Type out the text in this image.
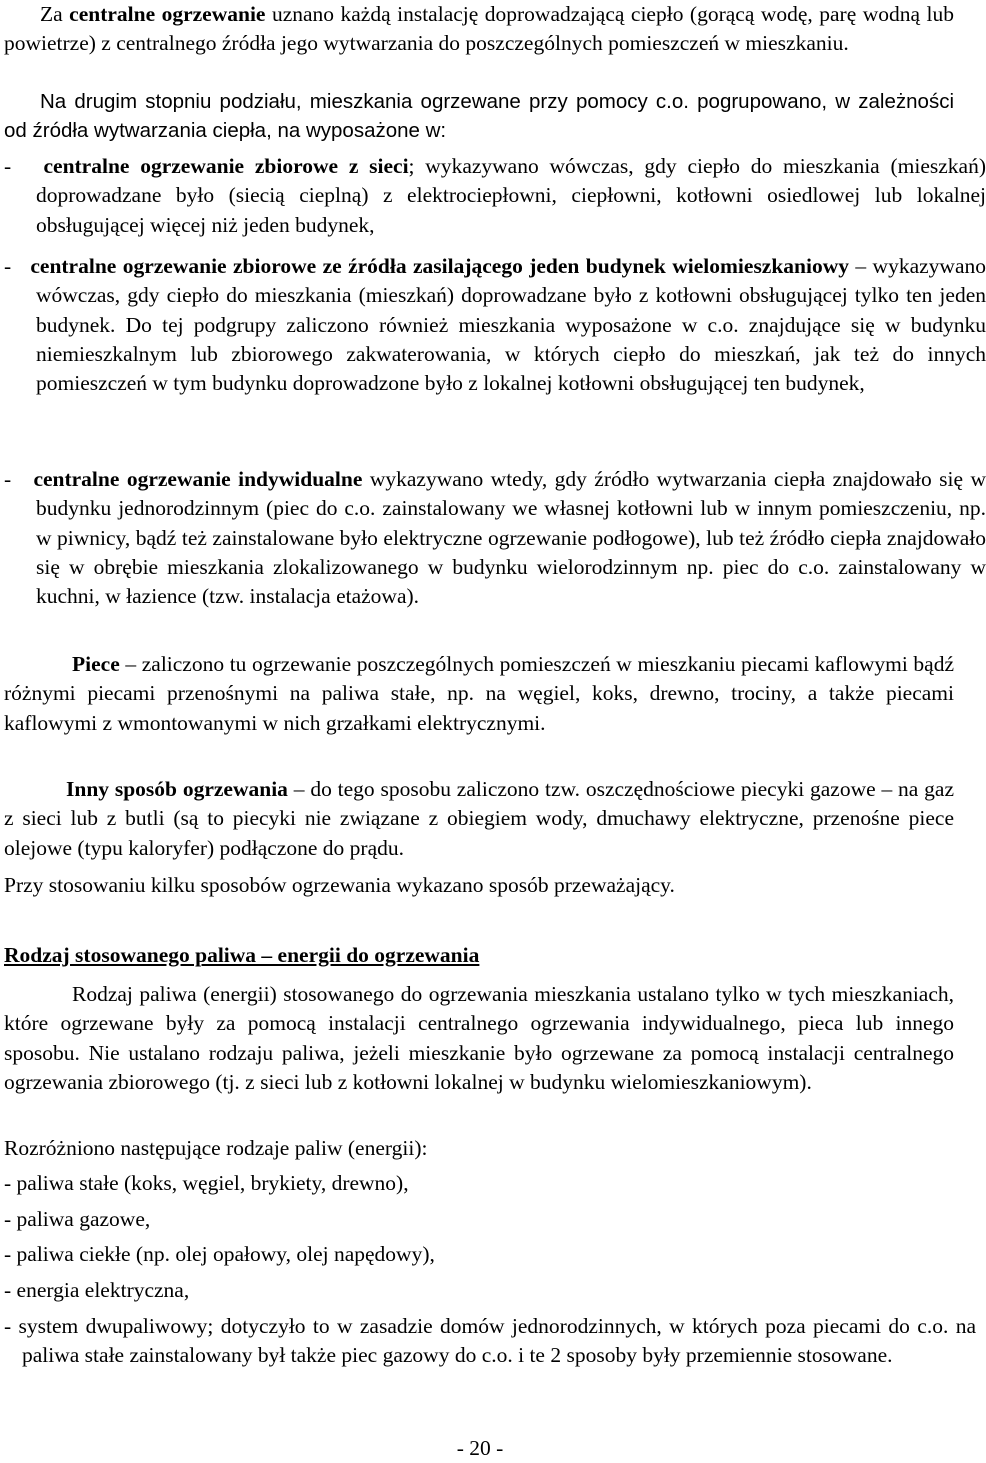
Za centralne ogrzewanie uznano każdą instalację doprowadzającą ciepło (gorącą wodę, parę wodną lub powietrze) z centralnego źródła jego wytwarzania do poszczególnych pomieszczeń w mieszkaniu.

Na drugim stopniu podziału, mieszkania ogrzewane przy pomocy c.o. pogrupowano, w zależności od źródła wytwarzania ciepła, na wyposażone w:

- centralne ogrzewanie zbiorowe z sieci; wykazywano wówczas, gdy ciepło do mieszkania (mieszkań) doprowadzane było (siecią cieplną) z elektrociepłowni, ciepłowni, kotłowni osiedlowej lub lokalnej obsługującej więcej niż jeden budynek,
- centralne ogrzewanie zbiorowe ze źródła zasilającego jeden budynek wielomieszkaniowy – wykazywano wówczas, gdy ciepło do mieszkania (mieszkań) doprowadzane było z kotłowni obsługującej tylko ten jeden budynek. Do tej podgrupy zaliczono również mieszkania wyposażone w c.o. znajdujące się w budynku niemieszkalnym lub zbiorowego zakwaterowania, w których ciepło do mieszkań, jak też do innych pomieszczeń w tym budynku doprowadzone było z lokalnej kotłowni obsługującej ten budynek,
- centralne ogrzewanie indywidualne wykazywano wtedy, gdy źródło wytwarzania ciepła znajdowało się w budynku jednorodzinnym (piec do c.o. zainstalowany we własnej kotłowni lub w innym pomieszczeniu, np. w piwnicy, bądź też zainstalowane było elektryczne ogrzewanie podłogowe), lub też źródło ciepła znajdowało się w obrębie mieszkania zlokalizowanego w budynku wielorodzinnym np. piec do c.o. zainstalowany w kuchni, w łazience (tzw. instalacja etażowa).

Piece – zaliczono tu ogrzewanie poszczególnych pomieszczeń w mieszkaniu piecami kaflowymi bądź różnymi piecami przenośnymi na paliwa stałe, np. na węgiel, koks, drewno, trociny, a także piecami kaflowymi z wmontowanymi w nich grzałkami elektrycznymi.

Inny sposób ogrzewania – do tego sposobu zaliczono tzw. oszczędnościowe piecyki gazowe – na gaz z sieci lub z butli (są to piecyki nie związane z obiegiem wody, dmuchawy elektryczne, przenośne piece olejowe (typu kaloryfer) podłączone do prądu.

Przy stosowaniu kilku sposobów ogrzewania wykazano sposób przeważający.

Rodzaj stosowanego paliwa – energii do ogrzewania

Rodzaj paliwa (energii) stosowanego do ogrzewania mieszkania ustalano tylko w tych mieszkaniach, które ogrzewane były za pomocą instalacji centralnego ogrzewania indywidualnego, pieca lub innego sposobu. Nie ustalano rodzaju paliwa, jeżeli mieszkanie było ogrzewane za pomocą instalacji centralnego ogrzewania zbiorowego (tj. z sieci lub z kotłowni lokalnej w budynku wielomieszkaniowym).

Rozróżniono następujące rodzaje paliw (energii):

- paliwa stałe (koks, węgiel, brykiety, drewno),
- paliwa gazowe,
- paliwa ciekłe (np. olej opałowy, olej napędowy),
- energia elektryczna,
- system dwupaliwowy; dotyczyło to w zasadzie domów jednorodzinnych, w których poza piecami do c.o. na paliwa stałe zainstalowany był także piec gazowy do c.o. i te 2 sposoby były przemiennie stosowane.
- 20 -
